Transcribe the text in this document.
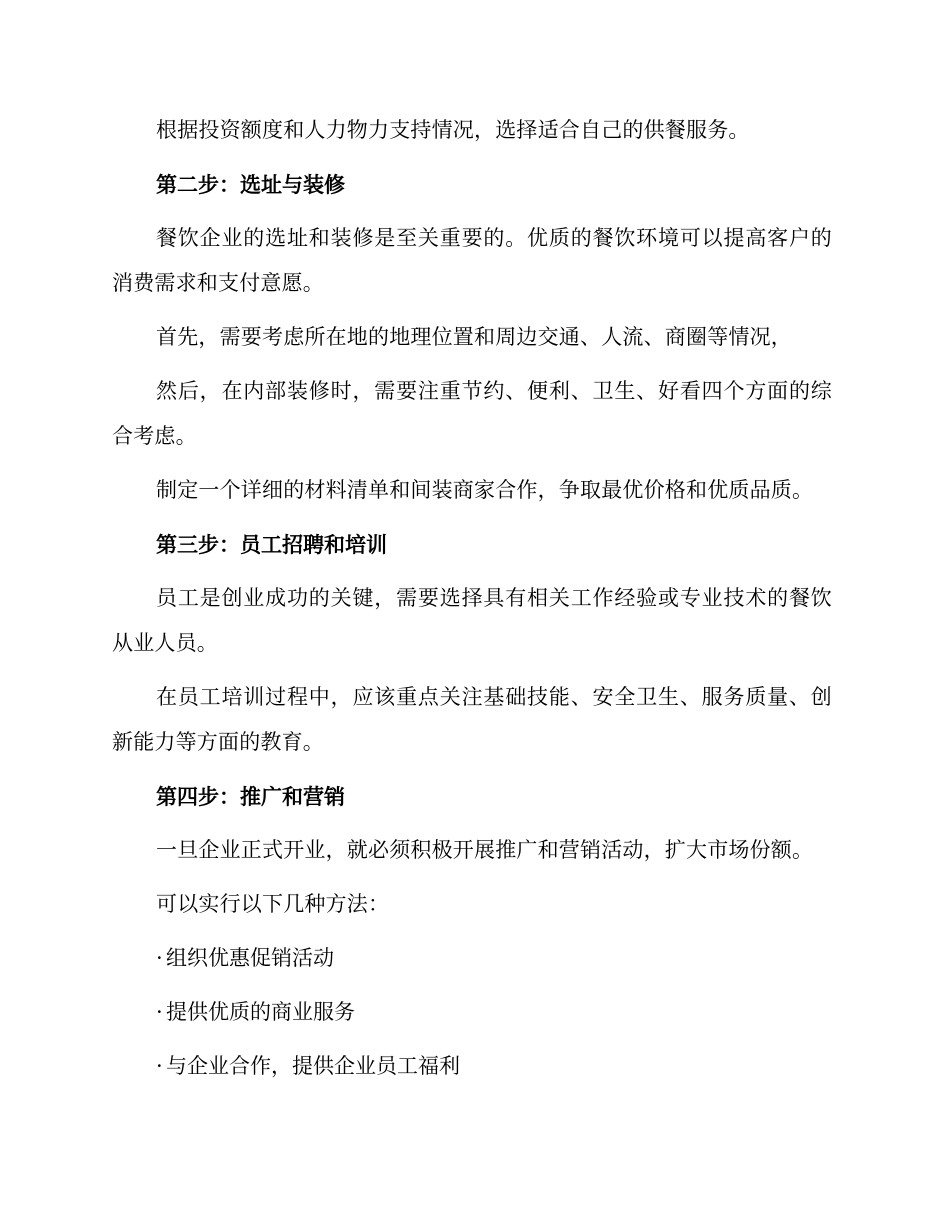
根据投资额度和人力物力支持情况，选择适合自己的供餐服务。

第二步：选址与装修

餐饮企业的选址和装修是至关重要的。优质的餐饮环境可以提高客户的消费需求和支付意愿。

首先，需要考虑所在地的地理位置和周边交通、人流、商圈等情况，

然后，在内部装修时，需要注重节约、便利、卫生、好看四个方面的综合考虑。

制定一个详细的材料清单和间装商家合作，争取最优价格和优质品质。

第三步：员工招聘和培训

员工是创业成功的关键，需要选择具有相关工作经验或专业技术的餐饮从业人员。

在员工培训过程中，应该重点关注基础技能、安全卫生、服务质量、创新能力等方面的教育。

第四步：推广和营销

一旦企业正式开业，就必须积极开展推广和营销活动，扩大市场份额。

可以实行以下几种方法：

· 组织优惠促销活动

· 提供优质的商业服务

· 与企业合作，提供企业员工福利
